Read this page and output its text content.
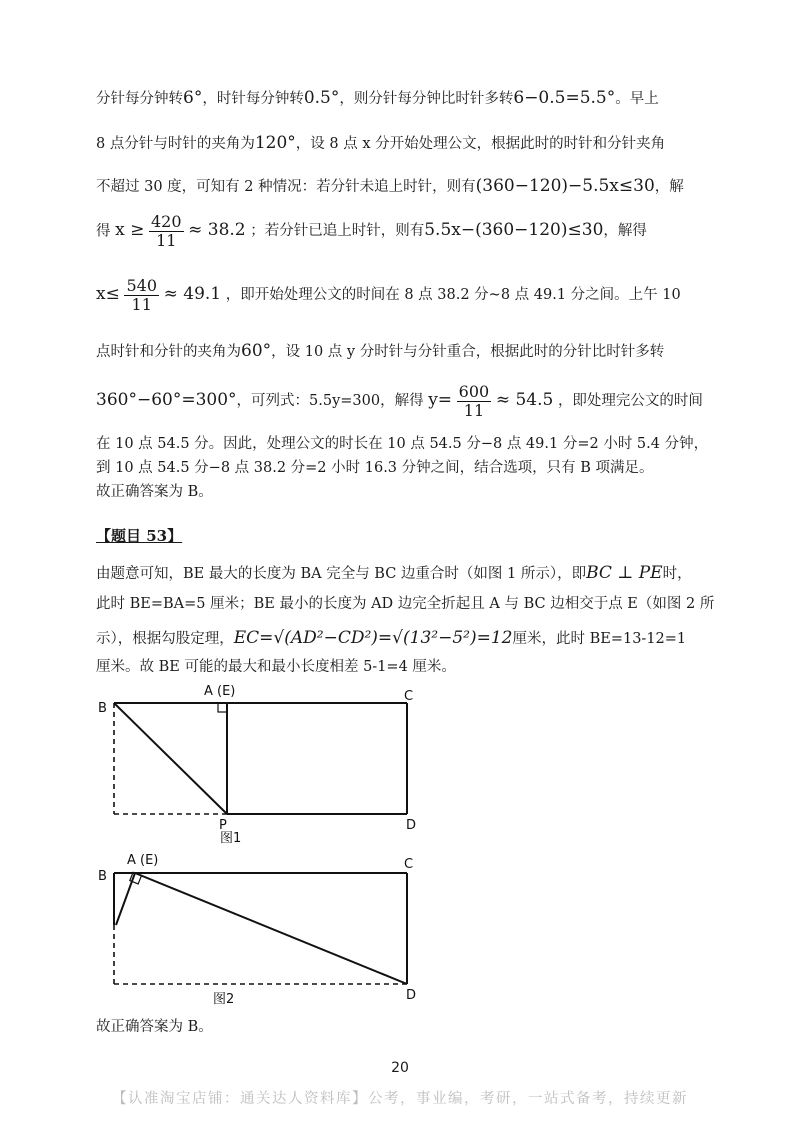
分针每分钟转6°，时针每分钟转0.5°，则分针每分钟比时针多转6−0.5=5.5°。早上
8 点分针与时针的夹角为120°，设 8 点 x 分开始处理公文，根据此时的时针和分针夹角
不超过 30 度，可知有 2 种情况：若分针未追上时针，则有(360−120)−5.5x≤30，解
得 $x \ge \frac{420}{11} \approx 38.2$ ；若分针已追上时针，则有5.5x−(360−120)≤30，解得
$x\le \frac{540}{11} \approx 49.1$ ，即开始处理公文的时间在 8 点 38.2 分~8 点 49.1 分之间。上午 10
点时针和分针的夹角为60°，设 10 点 y 分时针与分针重合，根据此时的分针比时针多转
360°−60°=300°，可列式：5.5y=300，解得 $y= \frac{600}{11} \approx 54.5$ ，即处理完公文的时间
在 10 点 54.5 分。因此，处理公文的时长在 10 点 54.5 分−8 点 49.1 分=2 小时 5.4 分钟，
到 10 点 54.5 分−8 点 38.2 分=2 小时 16.3 分钟之间，结合选项，只有 B 项满足。
故正确答案为 B。
【题目 53】
由题意可知，BE 最大的长度为 BA 完全与 BC 边重合时（如图 1 所示），即BC ⊥ PE时，
此时 BE=BA=5 厘米；BE 最小的长度为 AD 边完全折起且 A 与 BC 边相交于点 E（如图 2 所
示），根据勾股定理，EC=√(AD²−CD²)=√(13²−5²)=12厘米，此时 BE=13-12=1
厘米。故 BE 可能的最大和最小长度相差 5-1=4 厘米。
B
A (E)	C
P	D
图1
B
A (E)	C
D
图2
故正确答案为 B。
20
【认准淘宝店铺：通关达人资料库】公考，事业编，考研，一站式备考，持续更新
